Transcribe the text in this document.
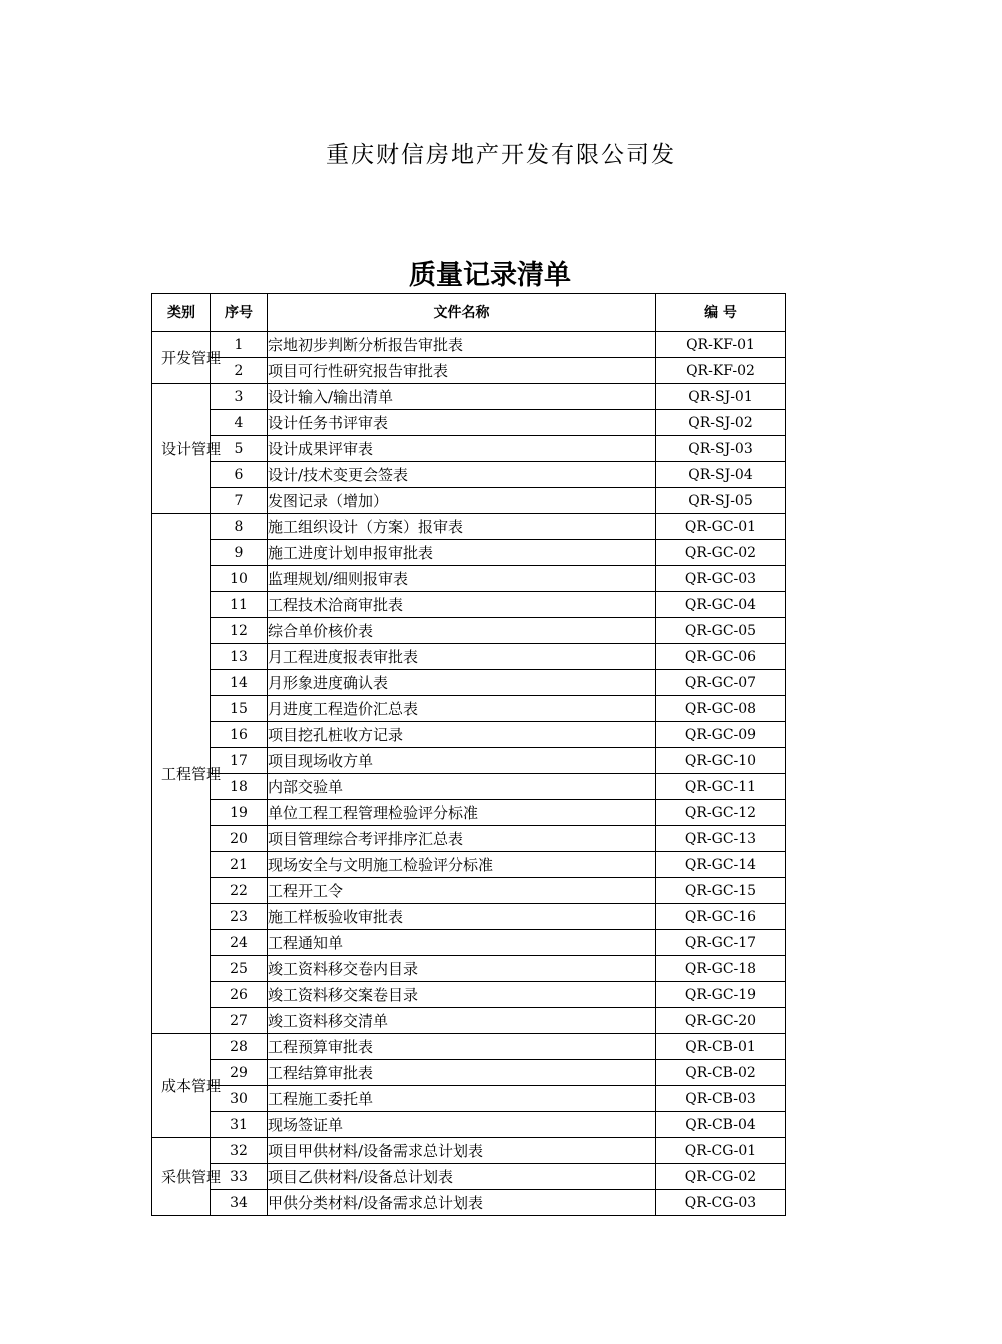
重庆财信房地产开发有限公司发
质量记录清单
类别	序号	文件名称	编 号
开发管理	1	宗地初步判断分析报告审批表	QR-KF-01
	2	项目可行性研究报告审批表	QR-KF-02
设计管理	3	设计输入/输出清单	QR-SJ-01
	4	设计任务书评审表	QR-SJ-02
	5	设计成果评审表	QR-SJ-03
	6	设计/技术变更会签表	QR-SJ-04
	7	发图记录（增加）	QR-SJ-05
工程管理	8	施工组织设计（方案）报审表	QR-GC-01
	9	施工进度计划申报审批表	QR-GC-02
	10	监理规划/细则报审表	QR-GC-03
	11	工程技术洽商审批表	QR-GC-04
	12	综合单价核价表	QR-GC-05
	13	月工程进度报表审批表	QR-GC-06
	14	月形象进度确认表	QR-GC-07
	15	月进度工程造价汇总表	QR-GC-08
	16	项目挖孔桩收方记录	QR-GC-09
	17	项目现场收方单	QR-GC-10
	18	内部交验单	QR-GC-11
	19	单位工程工程管理检验评分标准	QR-GC-12
	20	项目管理综合考评排序汇总表	QR-GC-13
	21	现场安全与文明施工检验评分标准	QR-GC-14
	22	工程开工令	QR-GC-15
	23	施工样板验收审批表	QR-GC-16
	24	工程通知单	QR-GC-17
	25	竣工资料移交卷内目录	QR-GC-18
	26	竣工资料移交案卷目录	QR-GC-19
	27	竣工资料移交清单	QR-GC-20
成本管理	28	工程预算审批表	QR-CB-01
	29	工程结算审批表	QR-CB-02
	30	工程施工委托单	QR-CB-03
	31	现场签证单	QR-CB-04
采供管理	32	项目甲供材料/设备需求总计划表	QR-CG-01
	33	项目乙供材料/设备总计划表	QR-CG-02
	34	甲供分类材料/设备需求总计划表	QR-CG-03
